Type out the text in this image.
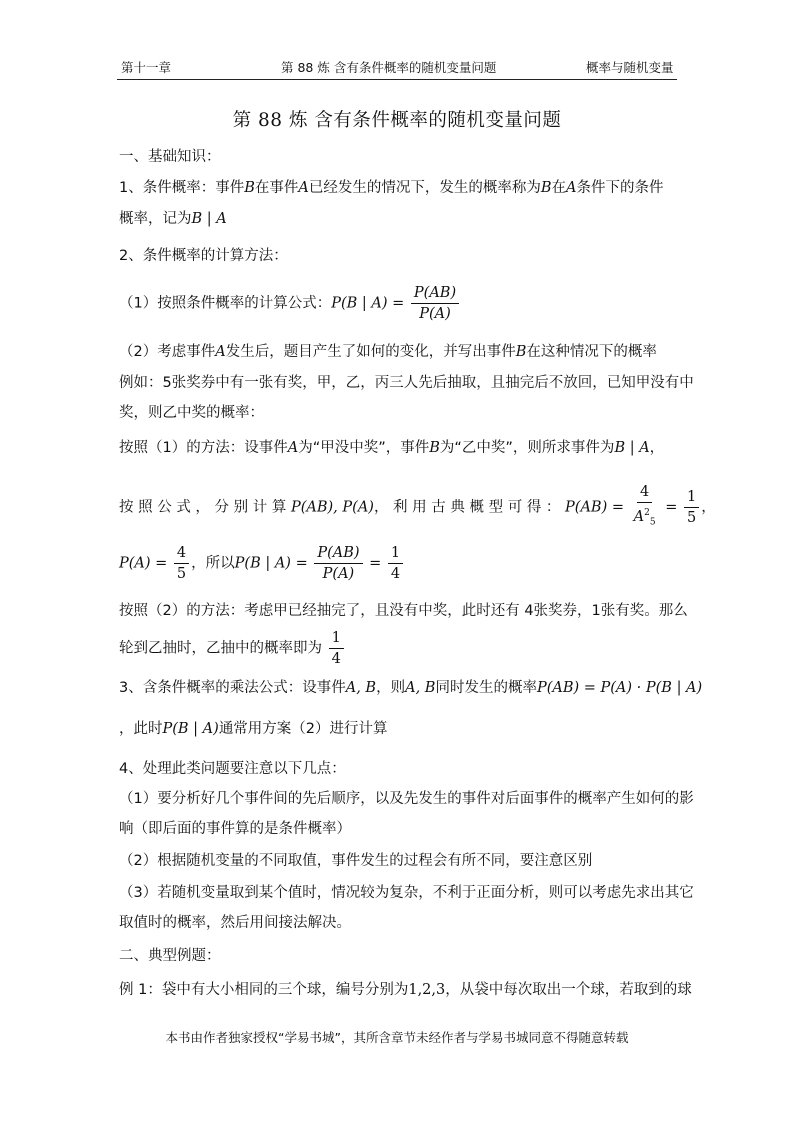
第十一章	第 88 炼 含有条件概率的随机变量问题	概率与随机变量
第 88 炼 含有条件概率的随机变量问题
一、基础知识：
1、条件概率：事件B在事件A已经发生的情况下，发生的概率称为B在A条件下的条件
概率，记为B | A
2、条件概率的计算方法：
（1）按照条件概率的计算公式：P(B | $A) = \frac{P(AB)}{P(A)}$
（2）考虑事件A发生后，题目产生了如何的变化，并写出事件B在这种情况下的概率
例如：5张奖券中有一张有奖，甲，乙，丙三人先后抽取，且抽完后不放回，已知甲没有中
奖，则乙中奖的概率：
按照（1）的方法：设事件A为“甲没中奖”，事件B为“乙中奖”，则所求事件为B | A，
按 照 公 式 ， 分 别 计 算 P(AB), P(A)， 利 用 古 典 概 型 可 得 ： $P(AB) = \frac{4}{A^2_5} = \frac{1}{5}$ ，
$P(A) = \frac{4}{5}$ ，所以P(B | $A) = \frac{P(AB)}{P(A)} = \frac{1}{4}$
按照（2）的方法：考虑甲已经抽完了，且没有中奖，此时还有 4张奖券，1张有奖。那么
轮到乙抽时，乙抽中的概率即为 $\frac{1}{4}$
3、含条件概率的乘法公式：设事件A, B，则A, B同时发生的概率P(AB) = P(A) · P(B | A)
，此时P(B | A)通常用方案（2）进行计算
4、处理此类问题要注意以下几点：
（1）要分析好几个事件间的先后顺序，以及先发生的事件对后面事件的概率产生如何的影
响（即后面的事件算的是条件概率）
（2）根据随机变量的不同取值，事件发生的过程会有所不同，要注意区别
（3）若随机变量取到某个值时，情况较为复杂，不利于正面分析，则可以考虑先求出其它
取值时的概率，然后用间接法解决。
二、典型例题：
例 1：袋中有大小相同的三个球，编号分别为1,2,3，从袋中每次取出一个球，若取到的球
本书由作者独家授权“学易书城”，其所含章节未经作者与学易书城同意不得随意转载
